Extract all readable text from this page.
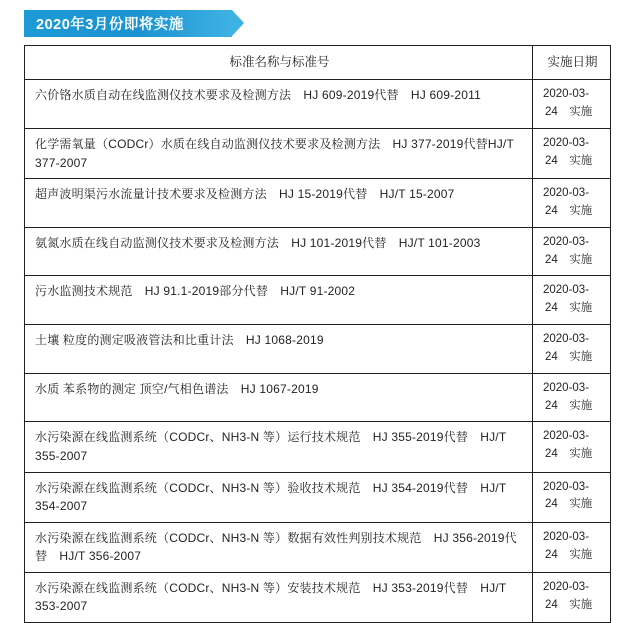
2020年3月份即将实施
标准名称与标准号	实施日期
六价铬水质自动在线监测仪技术要求及检测方法　HJ 609-2019代替　HJ 609-2011	2020-03-
24　实施

化学需氧量（CODCr）水质在线自动监测仪技术要求及检测方法　HJ 377-2019代替HJ/T 377-2007	2020-03-
24　实施

超声波明渠污水流量计技术要求及检测方法　HJ 15-2019代替　HJ/T 15-2007	2020-03-
24　实施

氨氮水质在线自动监测仪技术要求及检测方法　HJ 101-2019代替　HJ/T 101-2003	2020-03-
24　实施

污水监测技术规范　HJ 91.1-2019部分代替　HJ/T 91-2002	2020-03-
24　实施

土壤 粒度的测定吸液管法和比重计法　HJ 1068-2019	2020-03-
24　实施

水质 苯系物的测定 顶空/气相色谱法　HJ 1067-2019	2020-03-
24　实施

水污染源在线监测系统（CODCr、NH3-N 等）运行技术规范　HJ 355-2019代替　HJ/T 355-2007	2020-03-
24　实施

水污染源在线监测系统（CODCr、NH3-N 等）验收技术规范　HJ 354-2019代替　HJ/T 354-2007	2020-03-
24　实施

水污染源在线监测系统（CODCr、NH3-N 等）数据有效性判别技术规范　HJ 356-2019代替　HJ/T 356-2007	2020-03-
24　实施

水污染源在线监测系统（CODCr、NH3-N 等）安装技术规范　HJ 353-2019代替　HJ/T 353-2007	2020-03-
24　实施
